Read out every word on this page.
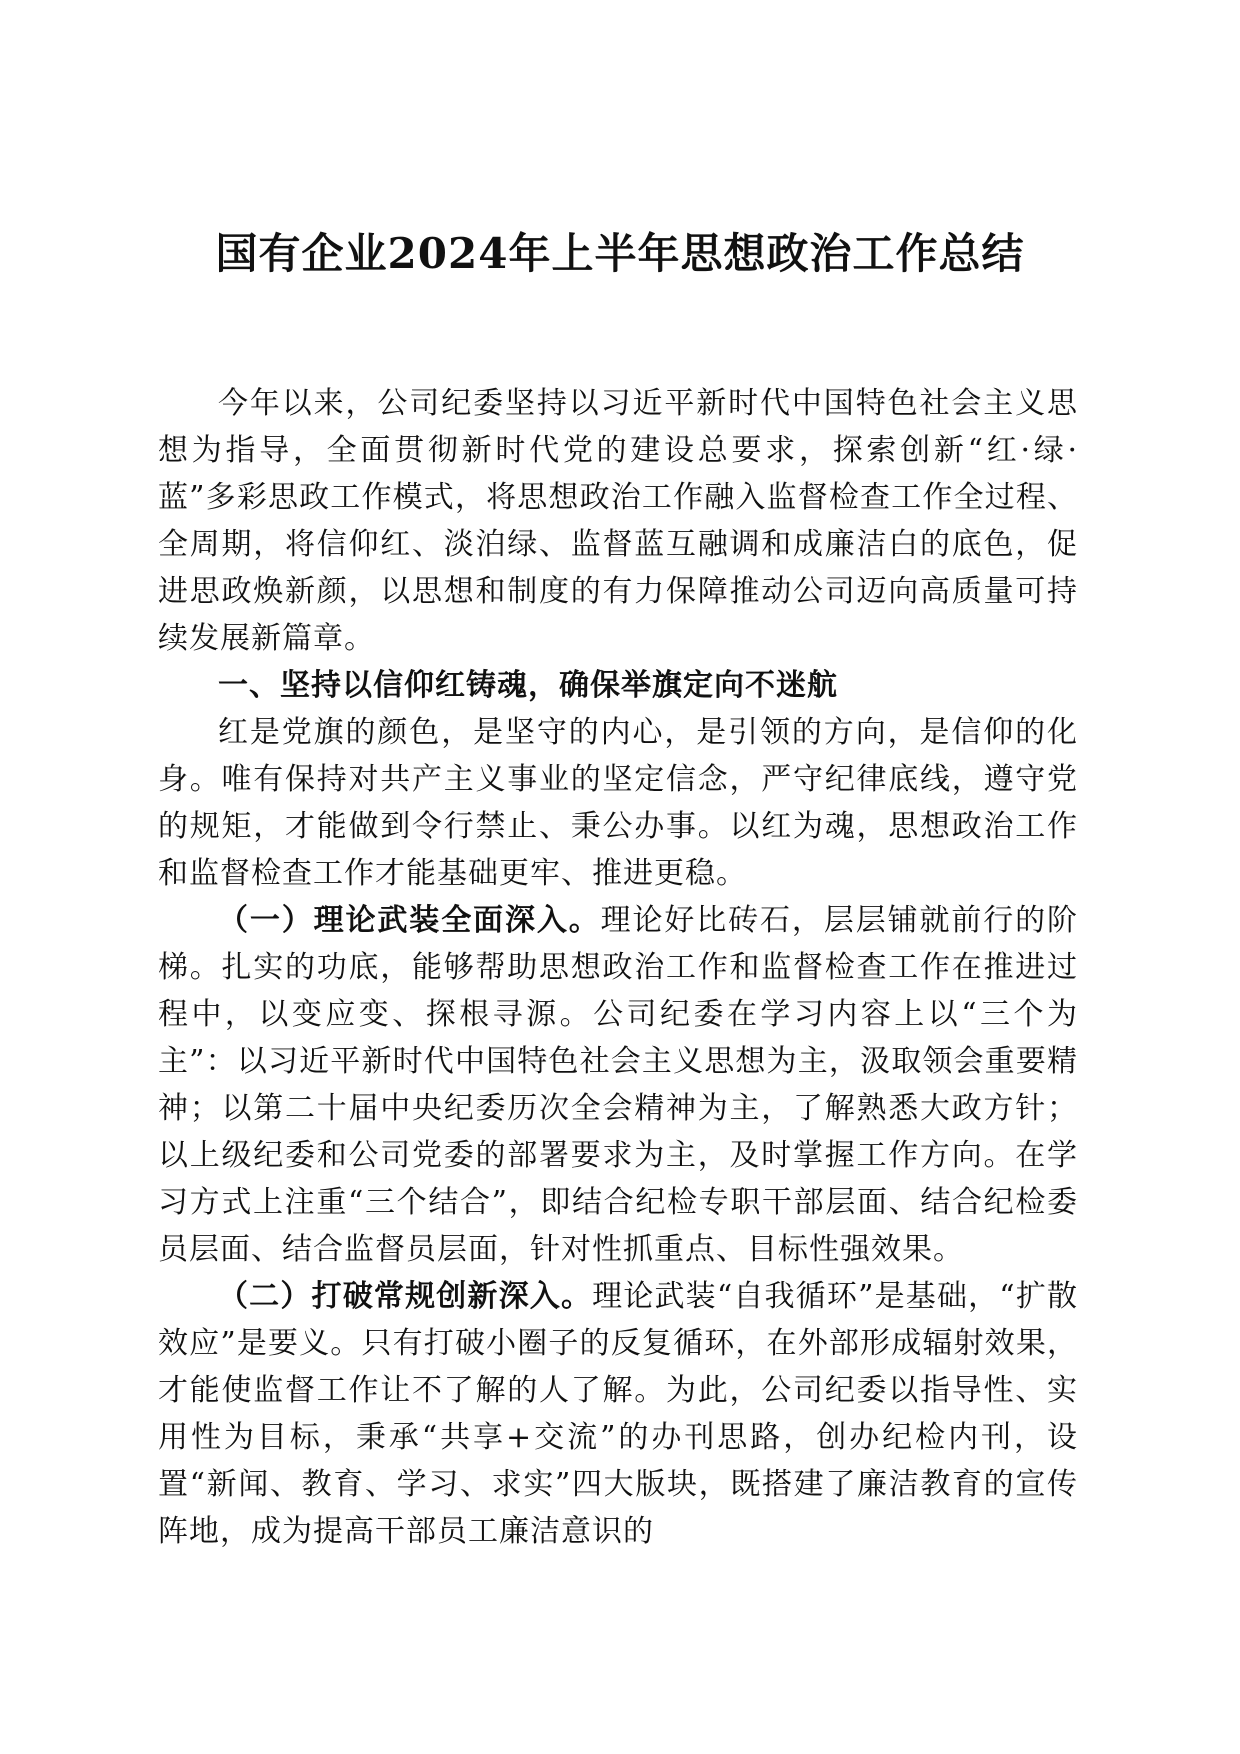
国有企业2024年上半年思想政治工作总结

今年以来，公司纪委坚持以习近平新时代中国特色社会主义思想为指导，全面贯彻新时代党的建设总要求，探索创新“红·绿·蓝”多彩思政工作模式，将思想政治工作融入监督检查工作全过程、全周期，将信仰红、淡泊绿、监督蓝互融调和成廉洁白的底色，促进思政焕新颜，以思想和制度的有力保障推动公司迈向高质量可持续发展新篇章。

一、坚持以信仰红铸魂，确保举旗定向不迷航

红是党旗的颜色，是坚守的内心，是引领的方向，是信仰的化身。唯有保持对共产主义事业的坚定信念，严守纪律底线，遵守党的规矩，才能做到令行禁止、秉公办事。以红为魂，思想政治工作和监督检查工作才能基础更牢、推进更稳。

（一）理论武装全面深入。理论好比砖石，层层铺就前行的阶梯。扎实的功底，能够帮助思想政治工作和监督检查工作在推进过程中，以变应变、探根寻源。公司纪委在学习内容上以“三个为主”：以习近平新时代中国特色社会主义思想为主，汲取领会重要精神；以第二十届中央纪委历次全会精神为主，了解熟悉大政方针；以上级纪委和公司党委的部署要求为主，及时掌握工作方向。在学习方式上注重“三个结合”，即结合纪检专职干部层面、结合纪检委员层面、结合监督员层面，针对性抓重点、目标性强效果。

（二）打破常规创新深入。理论武装“自我循环”是基础，“扩散效应”是要义。只有打破小圈子的反复循环，在外部形成辐射效果，才能使监督工作让不了解的人了解。为此，公司纪委以指导性、实用性为目标，秉承“共享+交流”的办刊思路，创办纪检内刊，设置“新闻、教育、学习、求实”四大版块，既搭建了廉洁教育的宣传阵地，成为提高干部员工廉洁意识的
